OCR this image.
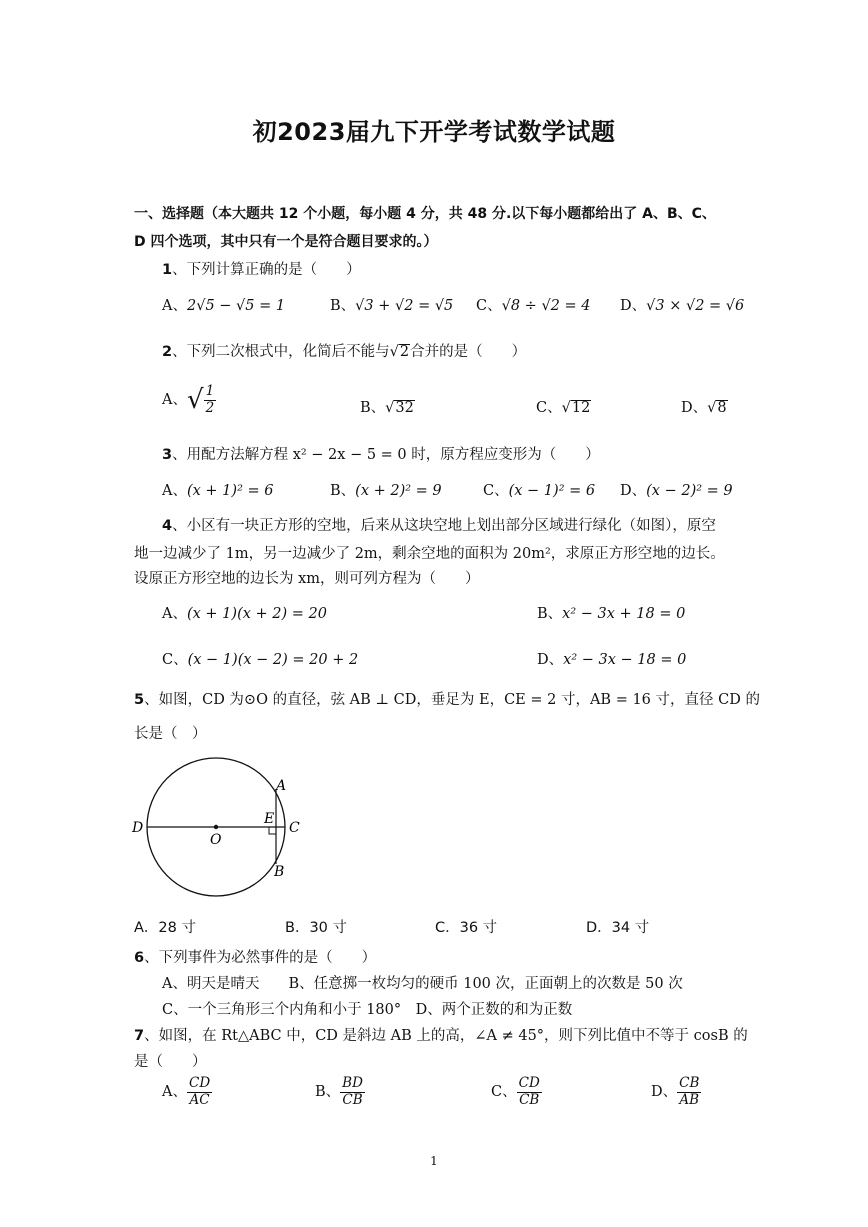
初2023届九下开学考试数学试题
一、选择题（本大题共 12 个小题，每小题 4 分，共 48 分.以下每小题都给出了 A、B、C、
D 四个选项，其中只有一个是符合题目要求的。）
1、下列计算正确的是（　　）
A、2√5 − √5 = 1	B、√3 + √2 = √5 C、√8 ÷ √2 = 4 D、√3 × √2 = √6
2、下列二次根式中，化简后不能与√2合并的是（　　）
A、√ $\frac{1}{2}$	B、√32	C、√12	D、√8
3、用配方法解方程 x² − 2x − 5 = 0 时，原方程应变形为（　　）
A、(x + 1)² = 6	B、(x + 2)² = 9	C、(x − 1)² = 6 D、(x − 2)² = 9
4、小区有一块正方形的空地，后来从这块空地上划出部分区域进行绿化（如图），原空
地一边减少了 1m，另一边减少了 2m，剩余空地的面积为 20m²，求原正方形空地的边长。
设原正方形空地的边长为 xm，则可列方程为（　　）
A、(x + 1)(x + 2) = 20	B、x² − 3x + 18 = 0
C、(x − 1)(x − 2) = 20 + 2	D、x² − 3x − 18 = 0
5、如图，CD 为⊙O 的直径，弦 AB ⊥ CD，垂足为 E，CE = 2 寸，AB = 16 寸，直径 CD 的
长是（　）
A
B
C
D
E
O
A．28 寸	B．30 寸	C．36 寸	D．34 寸
6、下列事件为必然事件的是（　　）
A、明天是晴天　　B、任意掷一枚均匀的硬币 100 次，正面朝上的次数是 50 次
C、一个三角形三个内角和小于 180°　D、两个正数的和为正数
7、如图，在 Rt△ABC 中，CD 是斜边 AB 上的高，∠A ≠ 45°，则下列比值中不等于 cosB 的
是（　　）
A、 $\frac{CD}{AC}$	B、 $\frac{BD}{CB}$	C、 $\frac{CD}{CB}$	D、 $\frac{CB}{AB}$
1
